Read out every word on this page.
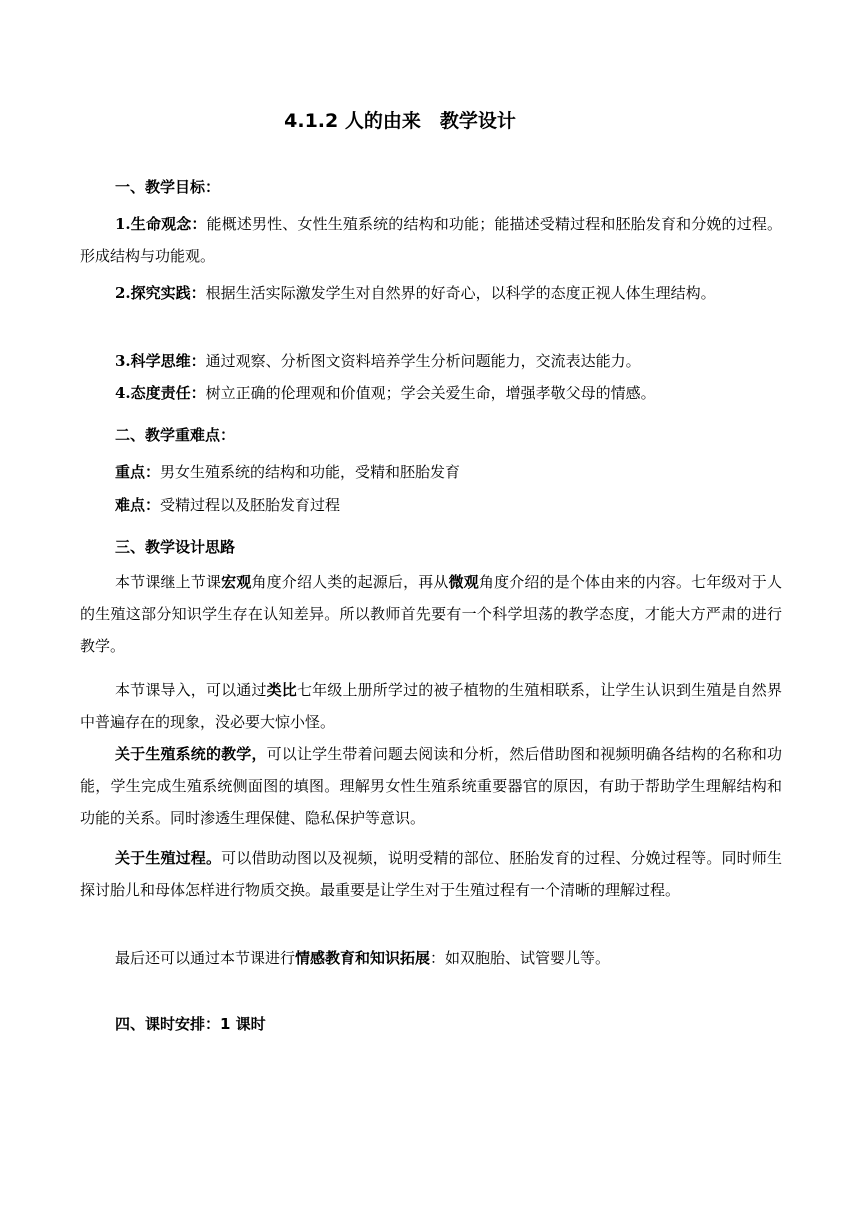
4.1.2 人的由来　教学设计
一、教学目标：

1.生命观念：能概述男性、女性生殖系统的结构和功能；能描述受精过程和胚胎发育和分娩的过程。形成结构与功能观。

2.探究实践：根据生活实际激发学生对自然界的好奇心，以科学的态度正视人体生理结构。

3.科学思维：通过观察、分析图文资料培养学生分析问题能力，交流表达能力。

4.态度责任：树立正确的伦理观和价值观；学会关爱生命，增强孝敬父母的情感。

二、教学重难点：
重点：男女生殖系统的结构和功能，受精和胚胎发育
难点：受精过程以及胚胎发育过程
三、教学设计思路

本节课继上节课宏观角度介绍人类的起源后，再从微观角度介绍的是个体由来的内容。七年级对于人的生殖这部分知识学生存在认知差异。所以教师首先要有一个科学坦荡的教学态度，才能大方严肃的进行教学。

本节课导入，可以通过类比七年级上册所学过的被子植物的生殖相联系，让学生认识到生殖是自然界中普遍存在的现象，没必要大惊小怪。

关于生殖系统的教学，可以让学生带着问题去阅读和分析，然后借助图和视频明确各结构的名称和功能，学生完成生殖系统侧面图的填图。理解男女性生殖系统重要器官的原因，有助于帮助学生理解结构和功能的关系。同时渗透生理保健、隐私保护等意识。

关于生殖过程。可以借助动图以及视频，说明受精的部位、胚胎发育的过程、分娩过程等。同时师生探讨胎儿和母体怎样进行物质交换。最重要是让学生对于生殖过程有一个清晰的理解过程。

最后还可以通过本节课进行情感教育和知识拓展：如双胞胎、试管婴儿等。

四、课时安排：1 课时
